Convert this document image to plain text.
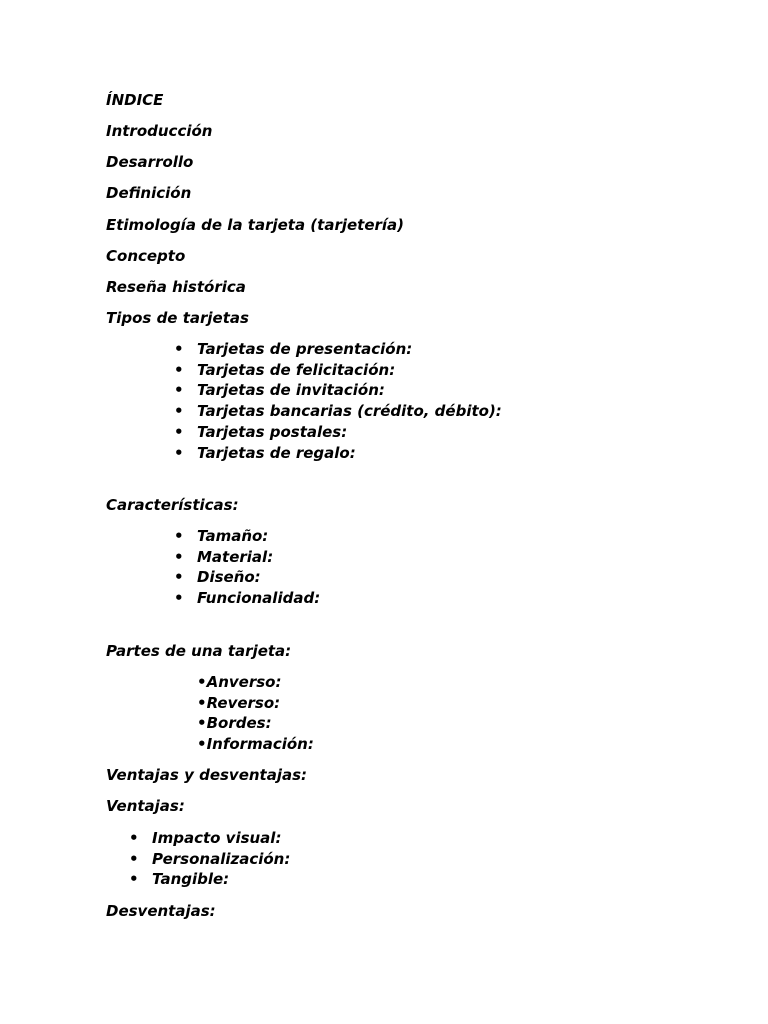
ÍNDICE
Introducción
Desarrollo
Definición
Etimología de la tarjeta (tarjetería)
Concepto
Reseña histórica
Tipos de tarjetas
• Tarjetas de presentación:
• Tarjetas de felicitación:
• Tarjetas de invitación:
• Tarjetas bancarias (crédito, débito):
• Tarjetas postales:
• Tarjetas de regalo:
Características:
• Tamaño:
• Material:
• Diseño:
• Funcionalidad:
Partes de una tarjeta:
•Anverso:
•Reverso:
•Bordes:
•Información:
Ventajas y desventajas:
Ventajas:
• Impacto visual:
• Personalización:
• Tangible:
Desventajas:
